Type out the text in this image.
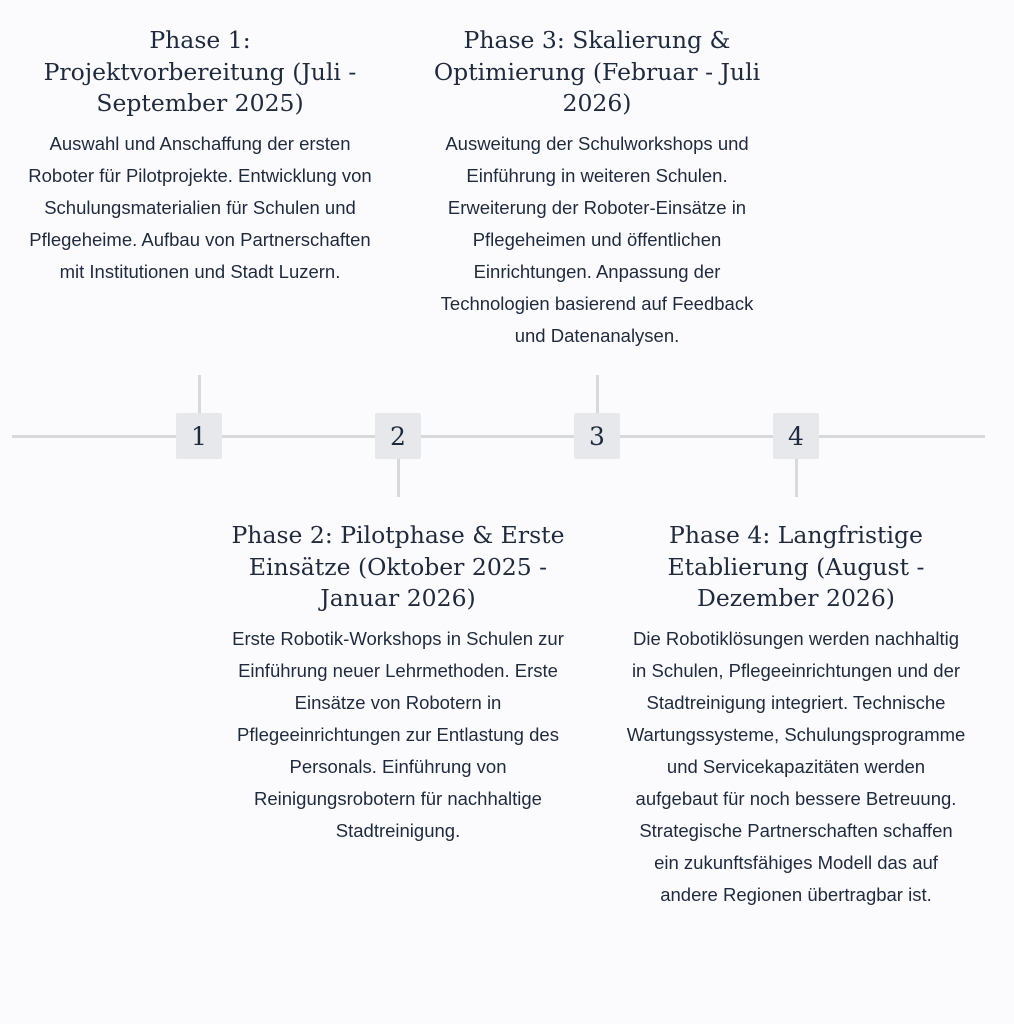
1	2	3	4
Phase 1: Projektvorbereitung (Juli - September 2025)

Auswahl und Anschaffung der ersten Roboter für Pilotprojekte. Entwicklung von Schulungsmaterialien für Schulen und Pflegeheime. Aufbau von Partnerschaften mit Institutionen und Stadt Luzern.

Phase 3: Skalierung & Optimierung (Februar - Juli 2026)

Ausweitung der Schulworkshops und Einführung in weiteren Schulen. Erweiterung der Roboter-Einsätze in Pflegeheimen und öffentlichen Einrichtungen. Anpassung der Technologien basierend auf Feedback und Datenanalysen.

Phase 2: Pilotphase & Erste Einsätze (Oktober 2025 - Januar 2026)

Erste Robotik-Workshops in Schulen zur Einführung neuer Lehrmethoden. Erste Einsätze von Robotern in Pflegeeinrichtungen zur Entlastung des Personals. Einführung von Reinigungsrobotern für nachhaltige Stadtreinigung.

Phase 4: Langfristige Etablierung (August - Dezember 2026)

Die Robotiklösungen werden nachhaltig in Schulen, Pflegeeinrichtungen und der Stadtreinigung integriert. Technische Wartungssysteme, Schulungsprogramme und Servicekapazitäten werden aufgebaut für noch bessere Betreuung. Strategische Partnerschaften schaffen ein zukunftsfähiges Modell das auf andere Regionen übertragbar ist.
